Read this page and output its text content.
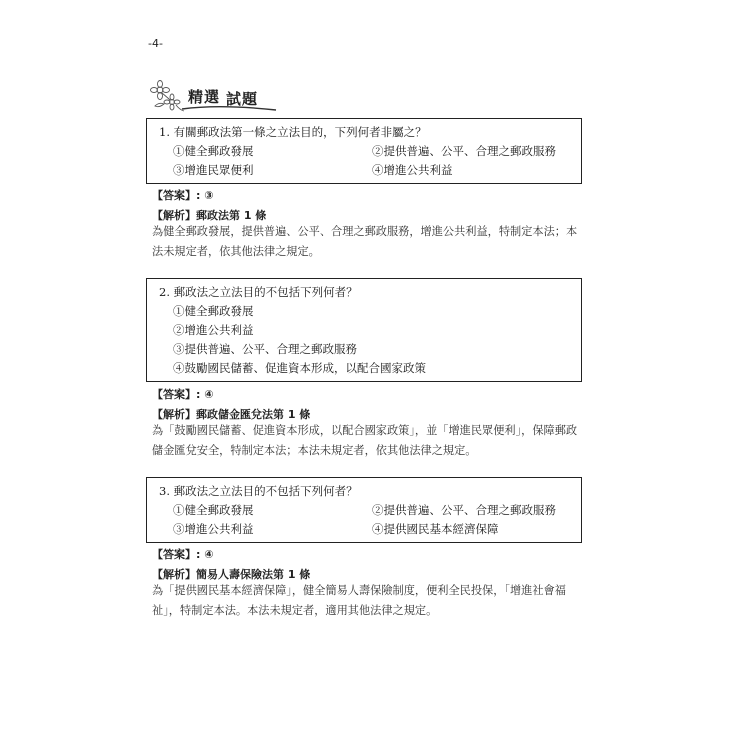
-4-
精選 試題
1. 有關郵政法第一條之立法目的，下列何者非屬之？
①健全郵政發展	②提供普遍、公平、合理之郵政服務
③增進民眾便利	④增進公共利益
【答案】: ③
【解析】郵政法第 1 條
為健全郵政發展，提供普遍、公平、合理之郵政服務，增進公共利益，特制定本法；本
法未規定者，依其他法律之規定。
2. 郵政法之立法目的不包括下列何者？
①健全郵政發展
②增進公共利益
③提供普遍、公平、合理之郵政服務
④鼓勵國民儲蓄、促進資本形成，以配合國家政策
【答案】: ④
【解析】郵政儲金匯兌法第 1 條
為「鼓勵國民儲蓄、促進資本形成，以配合國家政策」，並「增進民眾便利」，保障郵政
儲金匯兌安全，特制定本法；本法未規定者，依其他法律之規定。
3. 郵政法之立法目的不包括下列何者？
①健全郵政發展	②提供普遍、公平、合理之郵政服務
③增進公共利益	④提供國民基本經濟保障
【答案】: ④
【解析】簡易人壽保險法第 1 條
為「提供國民基本經濟保障」，健全簡易人壽保險制度，便利全民投保，「增進社會福
祉」，特制定本法。本法未規定者，適用其他法律之規定。
